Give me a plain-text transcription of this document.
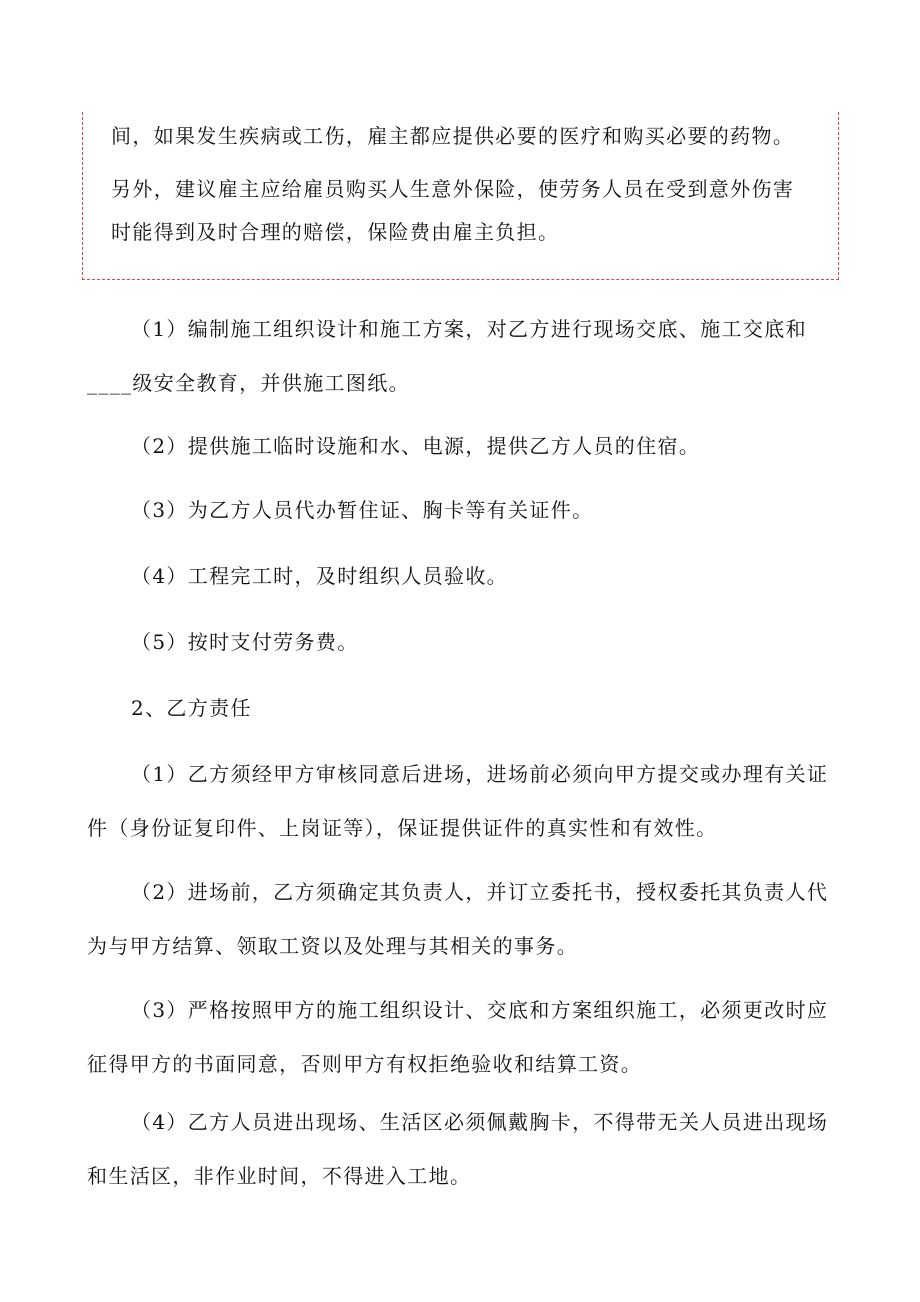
间，如果发生疾病或工伤，雇主都应提供必要的医疗和购买必要的药物。
另外，建议雇主应给雇员购买人生意外保险，使劳务人员在受到意外伤害
时能得到及时合理的赔偿，保险费由雇主负担。
（1）编制施工组织设计和施工方案，对乙方进行现场交底、施工交底和
____级安全教育，并供施工图纸。
（2）提供施工临时设施和水、电源，提供乙方人员的住宿。
（3）为乙方人员代办暂住证、胸卡等有关证件。
（4）工程完工时，及时组织人员验收。
（5）按时支付劳务费。
2、乙方责任
（1）乙方须经甲方审核同意后进场，进场前必须向甲方提交或办理有关证
件（身份证复印件、上岗证等），保证提供证件的真实性和有效性。
（2）进场前，乙方须确定其负责人，并订立委托书，授权委托其负责人代
为与甲方结算、领取工资以及处理与其相关的事务。
（3）严格按照甲方的施工组织设计、交底和方案组织施工，必须更改时应
征得甲方的书面同意，否则甲方有权拒绝验收和结算工资。
（4）乙方人员进出现场、生活区必须佩戴胸卡，不得带无关人员进出现场
和生活区，非作业时间，不得进入工地。
